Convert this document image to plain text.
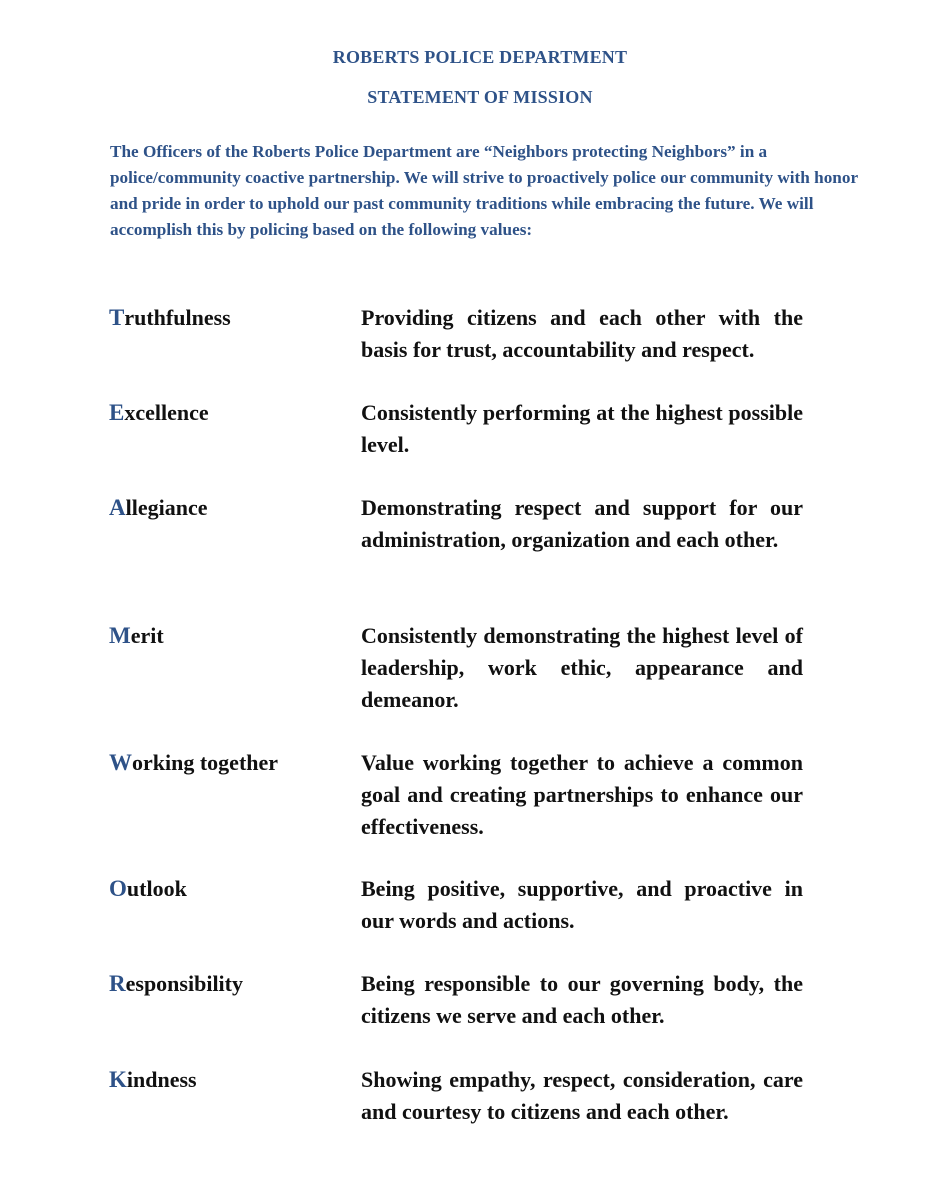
ROBERTS POLICE DEPARTMENT
STATEMENT OF MISSION
The Officers of the Roberts Police Department are “Neighbors protecting Neighbors” in a police/community coactive partnership. We will strive to proactively police our community with honor and pride in order to uphold our past community traditions while embracing the future. We will accomplish this by policing based on the following values:
Truthfulness	Providing citizens and each other with the basis for trust, accountability and respect.
Excellence	Consistently performing at the highest possible level.
Allegiance	Demonstrating respect and support for our administration, organization and each other.
Merit	Consistently demonstrating the highest level of leadership, work ethic, appearance and demeanor.
Working together	Value working together to achieve a common goal and creating partnerships to enhance our effectiveness.
Outlook	Being positive, supportive, and proactive in our words and actions.
Responsibility	Being responsible to our governing body, the citizens we serve and each other.
Kindness	Showing empathy, respect, consideration, care and courtesy to citizens and each other.
